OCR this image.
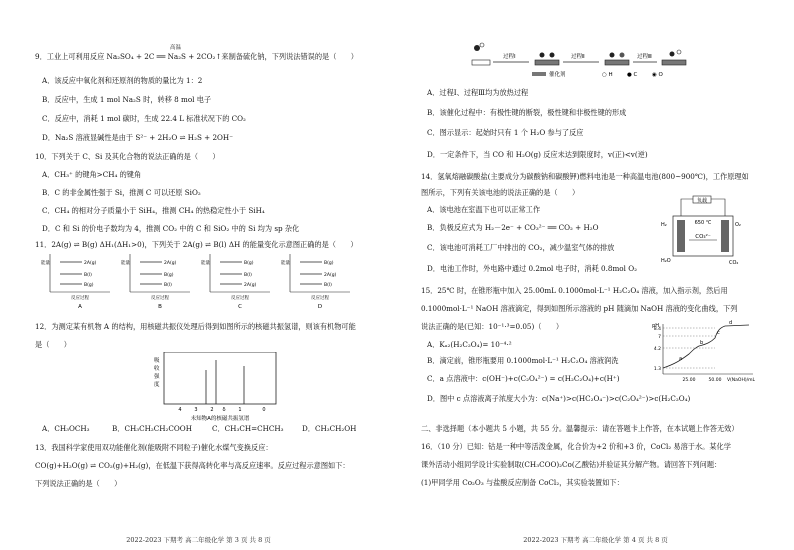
9．工业上可利用反应 Na₂SO₄ + 2C ══ Na₂S + 2CO₂↑来制备硫化钠，下列说法错误的是（　　）
高温
A．该反应中氧化剂和还原剂的物质的量比为 1：2
B．反应中，生成 1 mol Na₂S 时，转移 8 mol 电子
C．反应中，消耗 1 mol 碳时，生成 22.4 L 标准状况下的 CO₂
D．Na₂S 溶液显碱性是由于 S²⁻ + 2H₂O ⇌ H₂S + 2OH⁻
10．下列关于 C、Si 及其化合物的说法正确的是（　　）
A．CH₃⁺ 的键角>CH₄ 的键角
B．C 的非金属性强于 Si，推测 C 可以还原 SiO₂
C．CH₄ 的相对分子质量小于 SiH₄，推测 CH₄ 的热稳定性小于 SiH₄
D．C 和 Si 的价电子数均为 4，推测 CO₂ 中的 C 和 SiO₂ 中的 Si 均为 sp 杂化
11．2A(g) ⇌ B(g) ΔH₁(ΔH₁>0)，下列关于 2A(g) ⇌ B(l) ΔH 的能量变化示意图正确的是（　　）
能量
反应过程
2A(g)
B(l)
B(g)
A
能量
反应过程
2A(g)
B(g)
B(l)
B
能量
反应过程
B(g)
B(l)
2A(g)
C
能量
反应过程
B(g)
2A(g)
B(l)
D
12．为测定某有机物 A 的结构，用核磁共振仪处理后得到如图所示的核磁共振氢谱，则该有机物可能
是（　　）
吸
收
强
度
4	3	2 δ	1	0
未知物A的核磁共振氢谱
A．CH₃OCH₃	B．CH₃CH₂CH₂COOH	C．CH₃CH=CHCH₃	D．CH₃CH₂OH
13．我国科学家使用双功能催化剂(能吸附不同粒子)催化水煤气变换反应：
CO(g)+H₂O(g) ⇌ CO₂(g)+H₂(g)，在低温下获得高转化率与高反应速率。反应过程示意图如下：
下列说法正确的是（　　）
2022-2023 下期考 高二年级化学 第 3 页 共 8 页
过程Ⅰ	过程Ⅱ	过程Ⅲ
催化剂	○ H	● C	◉ O
A．过程Ⅰ、过程Ⅲ均为放热过程
B．该催化过程中：有极性键的断裂，极性键和非极性键的形成
C．图示显示：起始时只有 1 个 H₂O 参与了反应
D．一定条件下，当 CO 和 H₂O(g) 反应未达到限度时，v(正)<v(逆)
14．氢氧熔融碳酸盐(主要成分为碳酸钠和碳酸钾)燃料电池是一种高温电池(800~900℃)，工作原理如
图所示，下列有关该电池的说法正确的是（　　）
A．该电池在室温下也可以正常工作
B．负极反应式为 H₂－2e⁻ + CO₃²⁻ ══ CO₂ + H₂O
C．该电池可消耗工厂中排出的 CO₂，减少温室气体的排放
D．电池工作时，外电路中通过 0.2mol 电子时，消耗 0.8mol O₂
负载
650 ℃
CO₃²⁻
H₂
H₂O
O₂
CO₂
15．25℃ 时，在锥形瓶中加入 25.00mL 0.1000mol·L⁻¹ H₂C₂O₄ 溶液，加入指示剂，然后用
0.1000mol·L⁻¹ NaOH 溶液滴定，得到如图所示溶液的 pH 随滴加 NaOH 溶液的变化曲线，下列
说法正确的是(已知：10⁻¹·³=0.05)（　　）
A．Kₐ₂(H₂C₂O₄)= 10⁻⁴·²
B．滴定前，锥形瓶要用 0.1000mol·L⁻¹ H₂C₂O₄ 溶液润洗
C．a 点溶液中：c(OH⁻)+c(C₂O₄²⁻) = c(H₂C₂O₄)+c(H⁺)
D．图中 c 点溶液离子浓度大小为：c(Na⁺)>c(HC₂O₄⁻)>c(C₂O₄²⁻)>c(H₂C₂O₄)
pH
8.4
7
4.2
1.3
a
b
c
d
25.00	50.00 V(NaOH)/mL
二、非选择题（本小题共 5 小题，共 55 分。温馨提示：请在答题卡上作答，在本试题上作答无效）
16．（10 分）已知：钴是一种中等活泼金属，化合价为+2 价和+3 价，CoCl₂ 易溶于水。某化学
课外活动小组同学设计实验制取(CH₃COO)₂Co(乙酸钴)并验证其分解产物。请回答下列问题：
(1)甲同学用 Co₂O₃ 与盐酸反应制备 CoCl₂，其实验装置如下：
2022-2023 下期考 高二年级化学 第 4 页 共 8 页
